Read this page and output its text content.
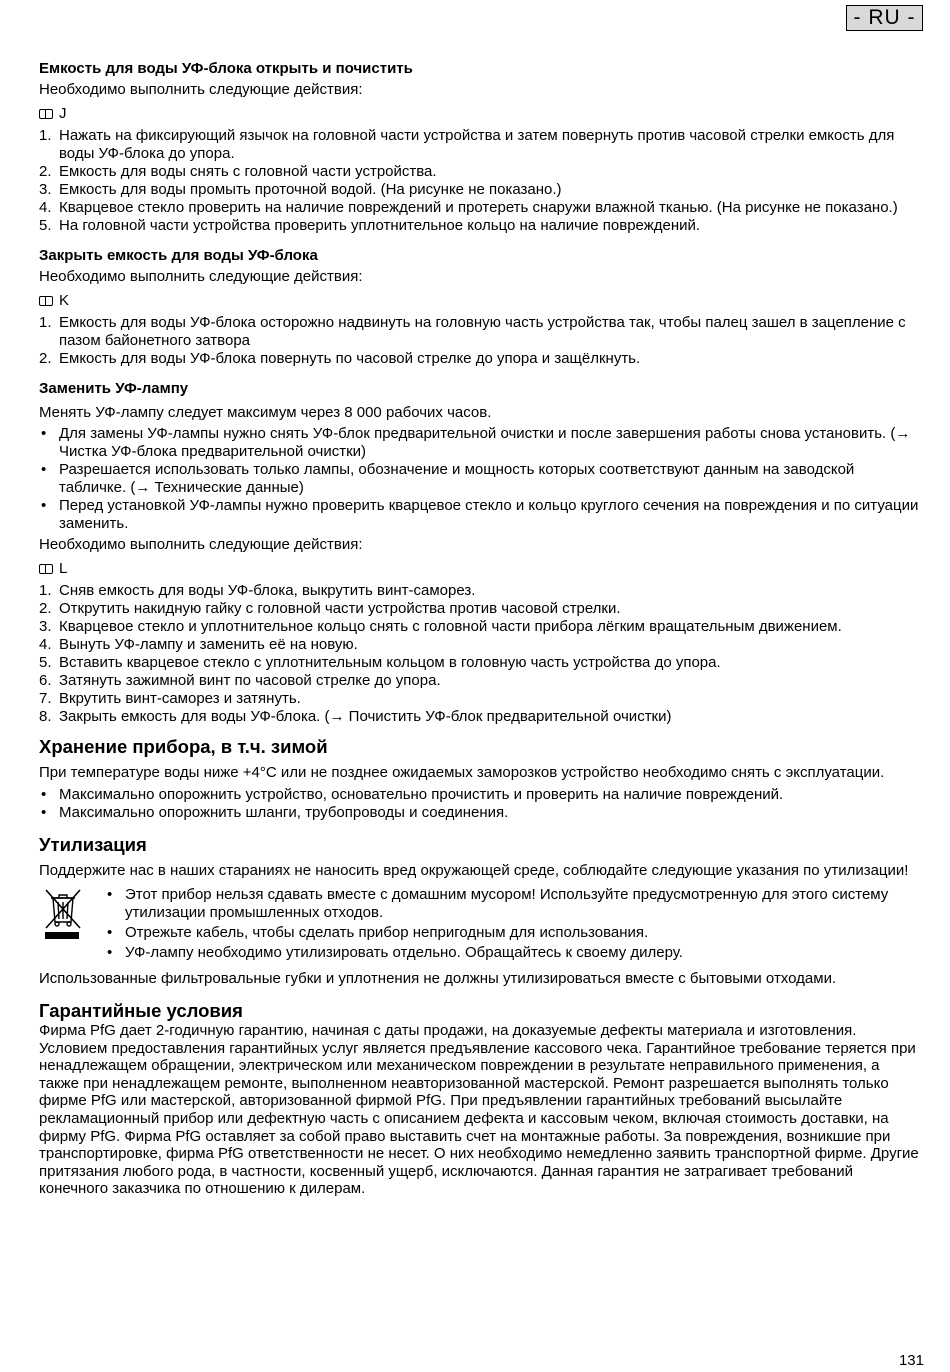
- RU -
Емкость для воды УФ-блока открыть и почистить

Необходимо выполнить следующие действия:

J
1. Нажать на фиксирующий язычок на головной части устройства и затем повернуть против часовой стрелки емкость для воды УФ-блока до упора.
2. Емкость для воды снять с головной части устройства.
3. Емкость для воды промыть проточной водой. (На рисунке не показано.)
4. Кварцевое стекло проверить на наличие повреждений и протереть снаружи влажной тканью. (На рисунке не показано.)
5. На головной части устройства проверить уплотнительное кольцо на наличие повреждений.
Закрыть емкость для воды УФ-блока

Необходимо выполнить следующие действия:

K
1. Емкость для воды УФ-блока осторожно надвинуть на головную часть устройства так, чтобы палец зашел в зацепление с пазом байонетного затвора
2. Емкость для воды УФ-блока повернуть по часовой стрелке до упора и защёлкнуть.
Заменить УФ-лампу

Менять УФ-лампу следует максимум через 8 000 рабочих часов.

• Для замены УФ-лампы нужно снять УФ-блок предварительной очистки и после завершения работы снова установить. (→ Чистка УФ-блока предварительной очистки)
• Разрешается использовать только лампы, обозначение и мощность которых соответствуют данным на заводской табличке. (→ Технические данные)
• Перед установкой УФ-лампы нужно проверить кварцевое стекло и кольцо круглого сечения на повреждения и по ситуации заменить.

Необходимо выполнить следующие действия:

L
1. Сняв емкость для воды УФ-блока, выкрутить винт-саморез.
2. Открутить накидную гайку с головной части устройства против часовой стрелки.
3. Кварцевое стекло и уплотнительное кольцо снять с головной части прибора лёгким вращательным движением.
4. Вынуть УФ-лампу и заменить её на новую.
5. Вставить кварцевое стекло с уплотнительным кольцом в головную часть устройства до упора.
6. Затянуть зажимной винт по часовой стрелке до упора.
7. Вкрутить винт-саморез и затянуть.
8. Закрыть емкость для воды УФ-блока. (→ Почистить УФ-блок предварительной очистки)
Хранение прибора, в т.ч. зимой

При температуре воды ниже +4°C или не позднее ожидаемых заморозков устройство необходимо снять с эксплуатации.

• Максимально опорожнить устройство, основательно прочистить и проверить на наличие повреждений.
• Максимально опорожнить шланги, трубопроводы и соединения.
Утилизация

Поддержите нас в наших стараниях не наносить вред окружающей среде, соблюдайте следующие указания по утилизации!

• Этот прибор нельзя сдавать вместе с домашним мусором! Используйте предусмотренную для этого систему утилизации промышленных отходов.
• Отрежьте кабель, чтобы сделать прибор непригодным для использования.
• УФ-лампу необходимо утилизировать отдельно. Обращайтесь к своему дилеру.

Использованные фильтровальные губки и уплотнения не должны утилизироваться вместе с бытовыми отходами.

Гарантийные условия

Фирма PfG дает 2-годичную гарантию, начиная с даты продажи, на доказуемые дефекты материала и изготовления. Условием предоставления гарантийных услуг является предъявление кассового чека. Гарантийное требование теряется при ненадлежащем обращении, электрическом или механическом повреждении в результате неправильного применения, а также при ненадлежащем ремонте, выполненном неавторизованной мастерской. Ремонт разрешается выполнять только фирме PfG или мастерской, авторизованной фирмой PfG. При предъявлении гарантийных требований высылайте рекламационный прибор или дефектную часть с описанием дефекта и кассовым чеком, включая стоимость доставки, на фирму PfG. Фирма PfG оставляет за собой право выставить счет на монтажные работы. За повреждения, возникшие при транспортировке, фирма PfG ответственности не несет. О них необходимо немедленно заявить транспортной фирме. Другие притязания любого рода, в частности, косвенный ущерб, исключаются. Данная гарантия не затрагивает требований конечного заказчика по отношению к дилерам.

131
